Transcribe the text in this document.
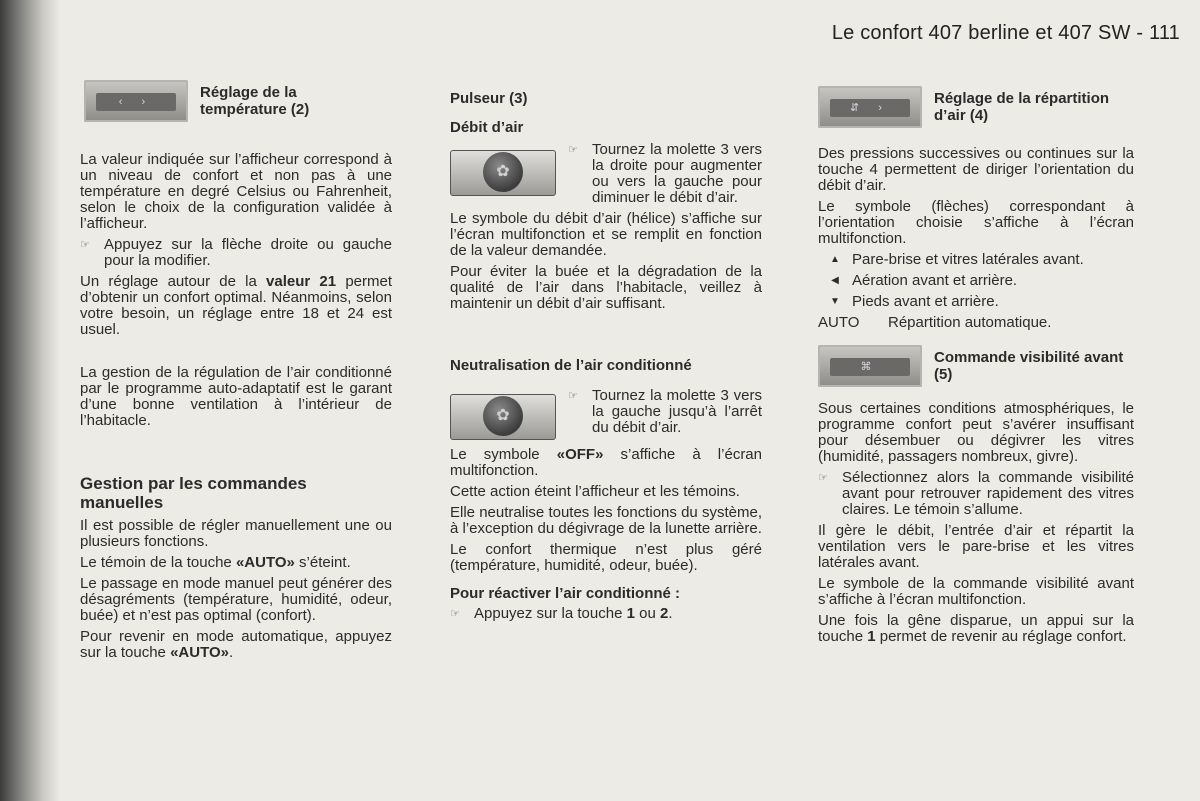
Le confort 407 berline et 407 SW - 111
‹ ›
Réglage de la température (2)

La valeur indiquée sur l’afficheur correspond à un niveau de confort et non pas à une température en degré Celsius ou Fahrenheit, selon le choix de la configuration validée à l’afficheur.

☞ Appuyez sur la flèche droite ou gauche pour la modifier.

Un réglage autour de la valeur 21 permet d’obtenir un confort optimal. Néanmoins, selon votre besoin, un réglage entre 18 et 24 est usuel.

La gestion de la régulation de l’air conditionné par le programme auto-adaptatif est le garant d’une bonne ventilation à l’intérieur de l’habitacle.

Gestion par les commandes manuelles

Il est possible de régler manuellement une ou plusieurs fonctions.

Le témoin de la touche «AUTO» s’éteint.

Le passage en mode manuel peut générer des désagréments (température, humidité, odeur, buée) et n’est pas optimal (confort).

Pour revenir en mode automatique, appuyez sur la touche «AUTO».

Pulseur (3)
Débit d’air
✿
☞ Tournez la molette 3 vers la droite pour augmenter ou vers la gauche pour diminuer le débit d’air.

Le symbole du débit d’air (hélice) s’affiche sur l’écran multifonction et se remplit en fonction de la valeur demandée.

Pour éviter la buée et la dégradation de la qualité de l’air dans l’habitacle, veillez à maintenir un débit d’air suffisant.

Neutralisation de l’air conditionné
✿
☞ Tournez la molette 3 vers la gauche jusqu’à l’arrêt du débit d’air.

Le symbole «OFF» s’affiche à l’écran multifonction.

Cette action éteint l’afficheur et les témoins.

Elle neutralise toutes les fonctions du système, à l’exception du dégivrage de la lunette arrière.

Le confort thermique n’est plus géré (température, humidité, odeur, buée).

Pour réactiver l’air conditionné :
☞ Appuyez sur la touche 1 ou 2.

⇵ ›
Réglage de la répartition d’air (4)

Des pressions successives ou continues sur la touche 4 permettent de diriger l’orientation du débit d’air.

Le symbole (flèches) correspondant à l’orientation choisie s’affiche à l’écran multifonction.

▲ Pare-brise et vitres latérales avant.
◀ Aération avant et arrière.
▼ Pieds avant et arrière.
AUTO	Répartition automatique.
⌘
Commande visibilité avant (5)

Sous certaines conditions atmosphériques, le programme confort peut s’avérer insuffisant pour désembuer ou dégivrer les vitres (humidité, passagers nombreux, givre).

☞ Sélectionnez alors la commande visibilité avant pour retrouver rapidement des vitres claires. Le témoin s’allume.

Il gère le débit, l’entrée d’air et répartit la ventilation vers le pare-brise et les vitres latérales avant.

Le symbole de la commande visibilité avant s’affiche à l’écran multifonction.

Une fois la gêne disparue, un appui sur la touche 1 permet de revenir au réglage confort.
